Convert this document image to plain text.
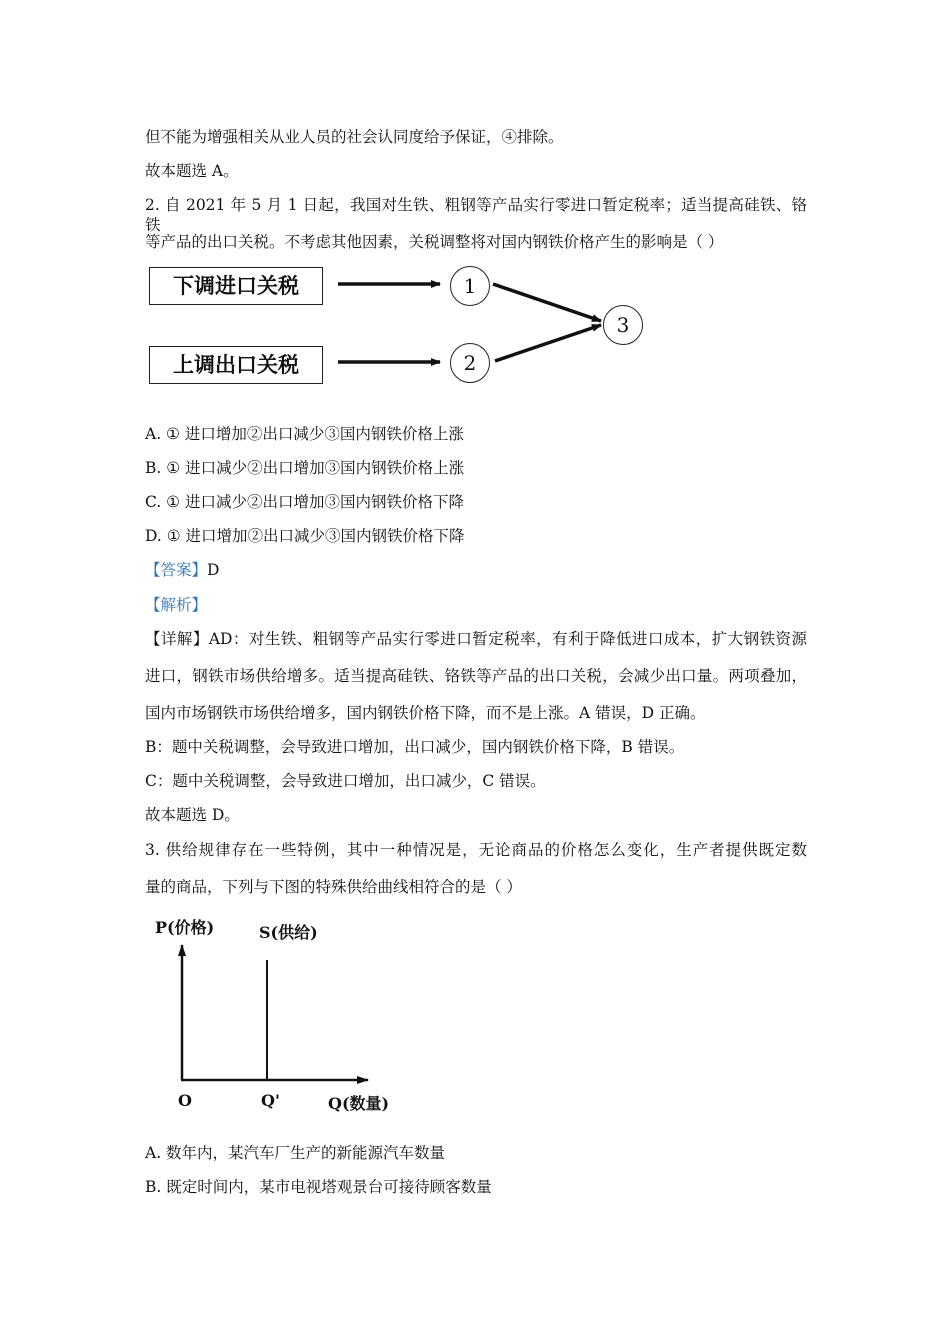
但不能为增强相关从业人员的社会认同度给予保证，④排除。
故本题选 A。
2. 自 2021 年 5 月 1 日起，我国对生铁、粗钢等产品实行零进口暂定税率；适当提高硅铁、铬铁
等产品的出口关税。不考虑其他因素，关税调整将对国内钢铁价格产生的影响是（ ）
下调进口关税
上调出口关税
1
2
3
A. ① 进口增加②出口减少③国内钢铁价格上涨
B. ① 进口减少②出口增加③国内钢铁价格上涨
C. ① 进口减少②出口增加③国内钢铁价格下降
D. ① 进口增加②出口减少③国内钢铁价格下降
【答案】D
【解析】
【详解】AD：对生铁、粗钢等产品实行零进口暂定税率，有利于降低进口成本，扩大钢铁资源
进口，钢铁市场供给增多。适当提高硅铁、铬铁等产品的出口关税，会减少出口量。两项叠加，
国内市场钢铁市场供给增多，国内钢铁价格下降，而不是上涨。A 错误，D 正确。
B：题中关税调整，会导致进口增加，出口减少，国内钢铁价格下降，B 错误。
C：题中关税调整，会导致进口增加，出口减少，C 错误。
故本题选 D。
3. 供给规律存在一些特例，其中一种情况是，无论商品的价格怎么变化，生产者提供既定数
量的商品，下列与下图的特殊供给曲线相符合的是（ ）
P(价格)	S(供给)
O	Q'	Q(数量)
A. 数年内，某汽车厂生产的新能源汽车数量
B. 既定时间内，某市电视塔观景台可接待顾客数量
